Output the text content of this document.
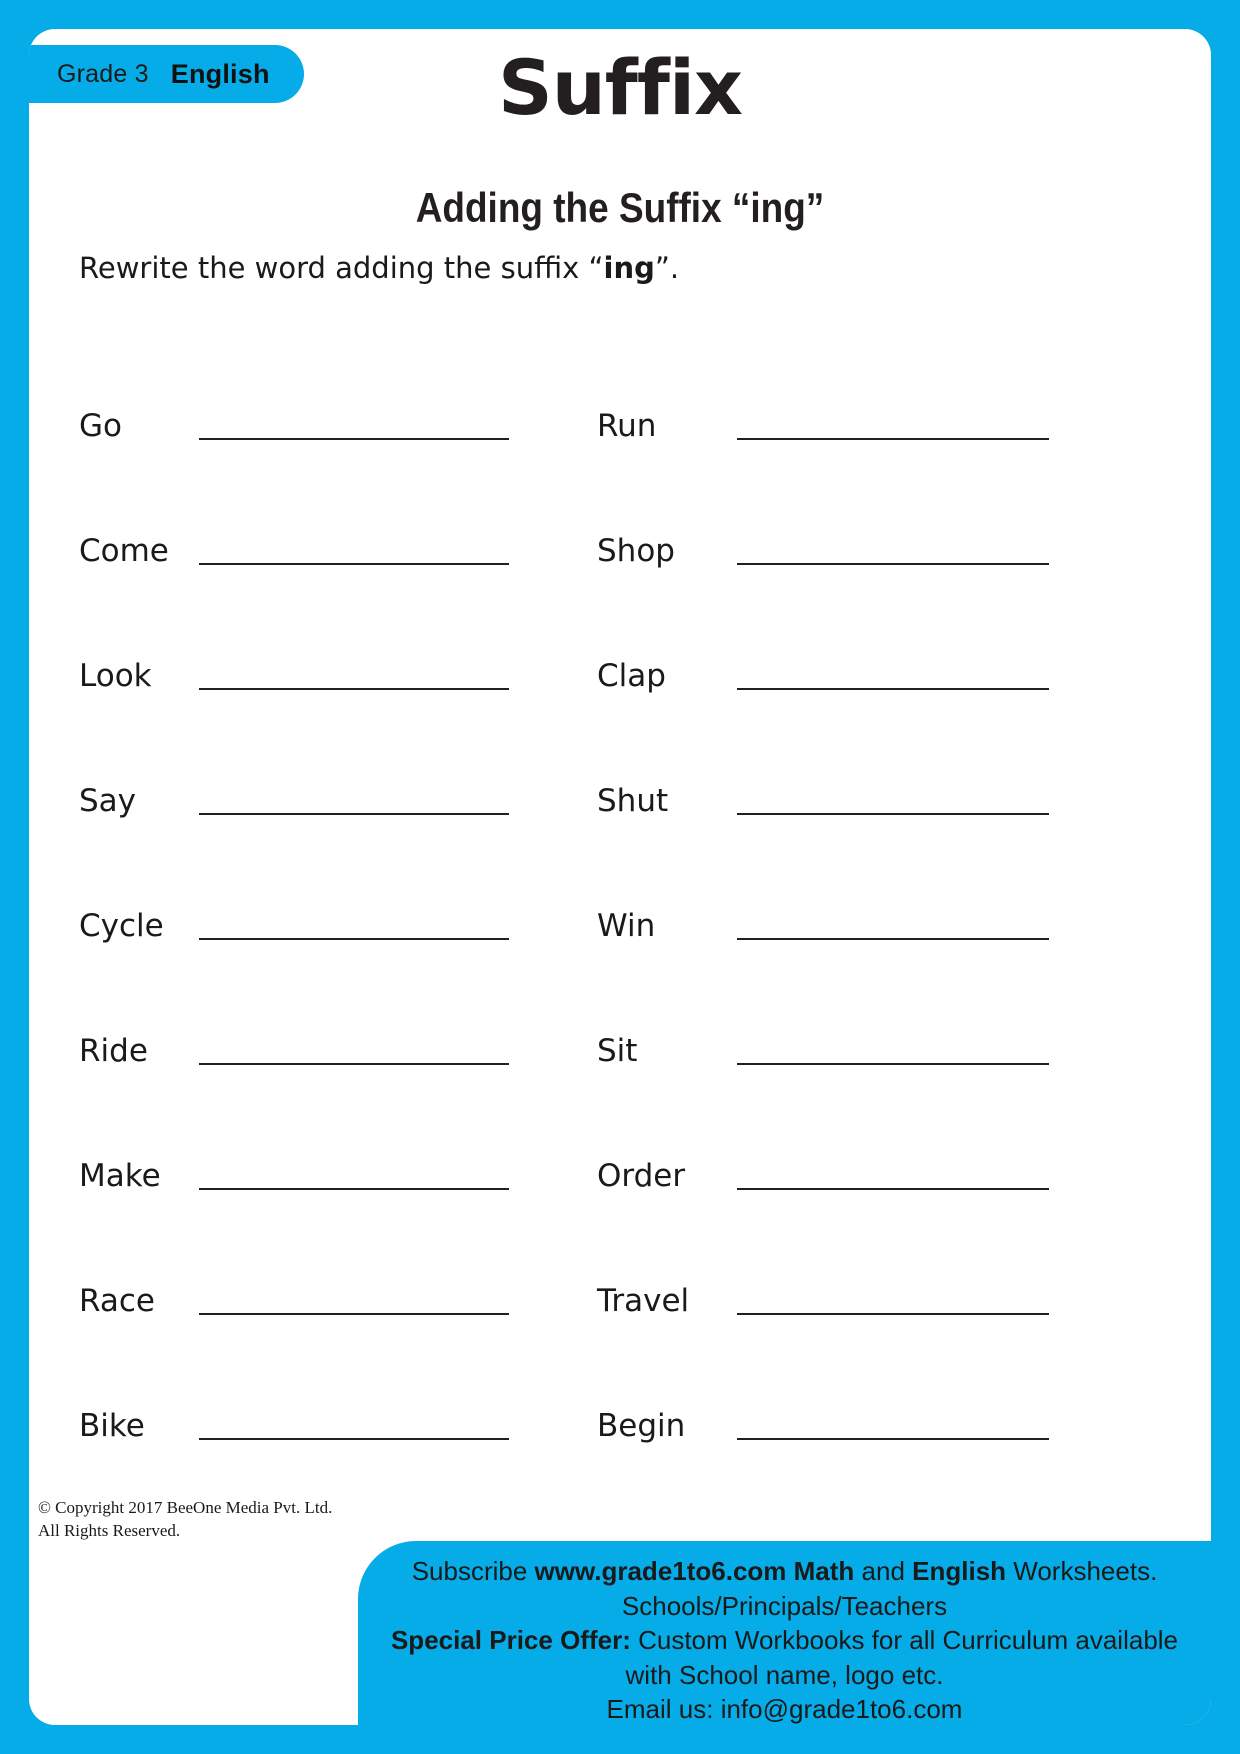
Grade 3 English	Suffix
Adding the Suffix “ing”
Rewrite the word adding the suffix “ing”.
Go	Run
Come	Shop
Look	Clap
Say	Shut
Cycle	Win
Ride	Sit
Make	Order
Race	Travel
Bike	Begin
© Copyright 2017 BeeOne Media Pvt. Ltd.
All Rights Reserved.
Subscribe www.grade1to6.com Math and English Worksheets.
Schools/Principals/Teachers
Special Price Offer: Custom Workbooks for all Curriculum available
with School name, logo etc.
Email us: info@grade1to6.com
